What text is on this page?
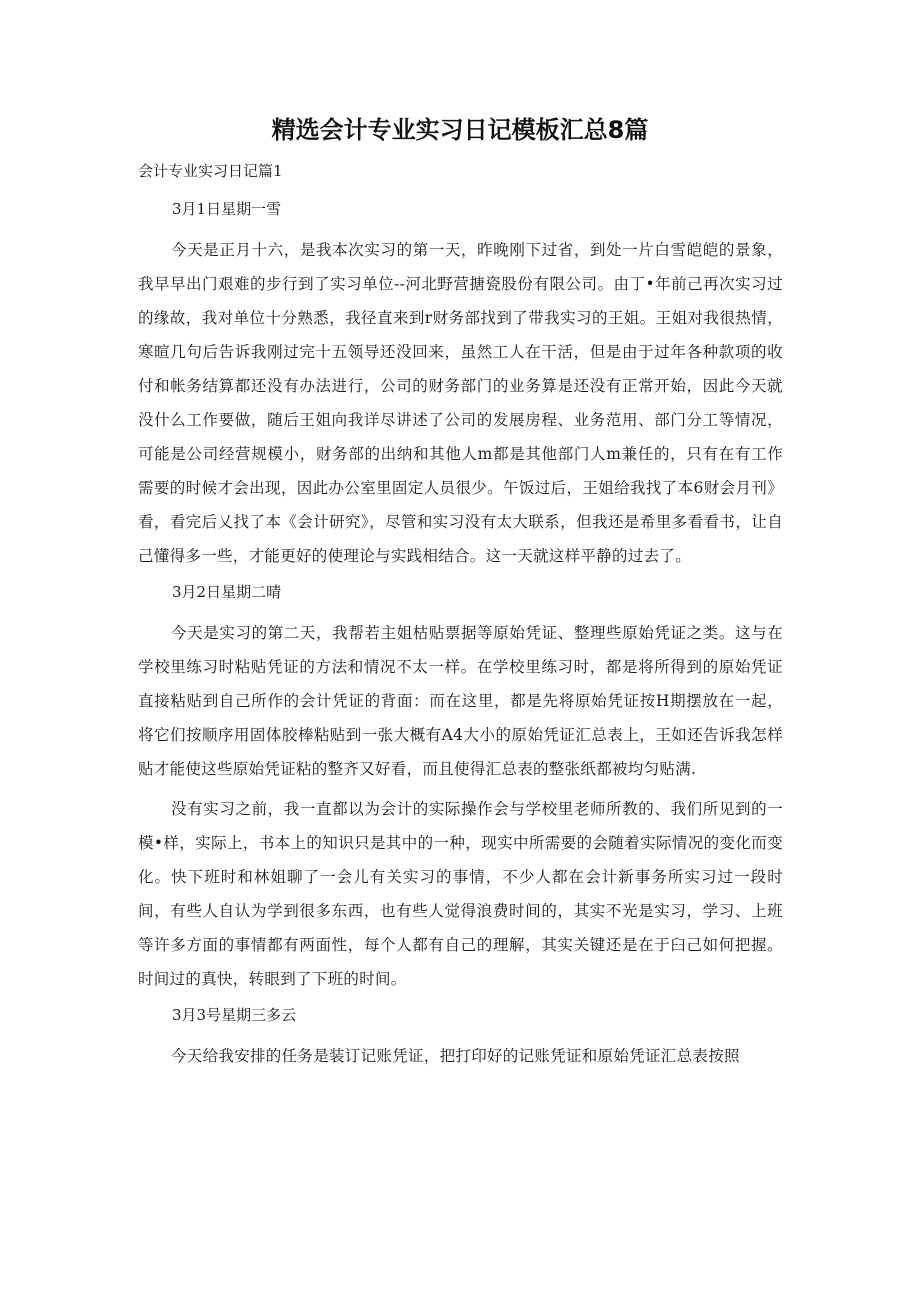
精选会计专业实习日记模板汇总8篇

会计专业实习日记篇1

3月1日星期一雪

今天是正月十六，是我本次实习的第一天，昨晚刚下过省，到处一片白雪皑皑的景象，我早早出门艰难的步行到了实习单位--河北野营搪瓷股份有限公司。由丁•年前己再次实习过的缘故，我对单位十分熟悉，我径直来到r财务部找到了带我实习的王姐。王姐对我很热情，寒暄几句后告诉我刚过完十五领导还没回来，虽然工人在干活，但是由于过年各种款项的收付和帐务结算都还没有办法进行，公司的财务部门的业务算是还没有正常开始，因此今天就没什么工作要做，随后王姐向我详尽讲述了公司的发展房程、业务范用、部门分工等情况，可能是公司经营规模小，财务部的出纳和其他人m都是其他部门人m兼任的，只有在有工作需要的时候才会出现，因此办公室里固定人员很少。午饭过后，王姐给我找了本6财会月刊》看，看完后乂找了本《会计研究》，尽管和实习没有太大联系，但我还是希里多看看书，让自己懂得多一些，才能更好的使理论与实践相结合。这一天就这样平静的过去了。

3月2日星期二晴

今天是实习的第二天，我帮若主姐枯贴票据等原始凭证、整理些原始凭证之类。这与在学校里练习时粘贴凭证的方法和情况不太一样。在学校里练习时，都是将所得到的原始凭证直接粘贴到自己所作的会计凭证的背面：而在这里，都是先将原始凭证按H期摆放在一起，将它们按顺序用固体胶棒粘贴到一张大概有A4大小的原始凭证汇总表上，王如还告诉我怎样贴才能使这些原始凭证粘的整齐又好看，而且使得汇总表的整张纸都被均匀贴满.

没有实习之前，我一直都以为会计的实际操作会与学校里老师所教的、我们所见到的一模•样，实际上，书本上的知识只是其中的一种，现实中所需要的会随着实际情况的变化而变化。快下班时和林姐聊了一会儿有关实习的事情，不少人都在会计新事务所实习过一段时间，有些人自认为学到很多东西，也有些人觉得浪费时间的，其实不光是实习，学习、上班等许多方面的事情都有两面性，每个人都有自己的理解，其实关键还是在于臼己如何把握。时间过的真快，转眼到了下班的时间。

3月3号星期三多云

今天给我安排的任务是装订记账凭证，把打印好的记账凭证和原始凭证汇总表按照
